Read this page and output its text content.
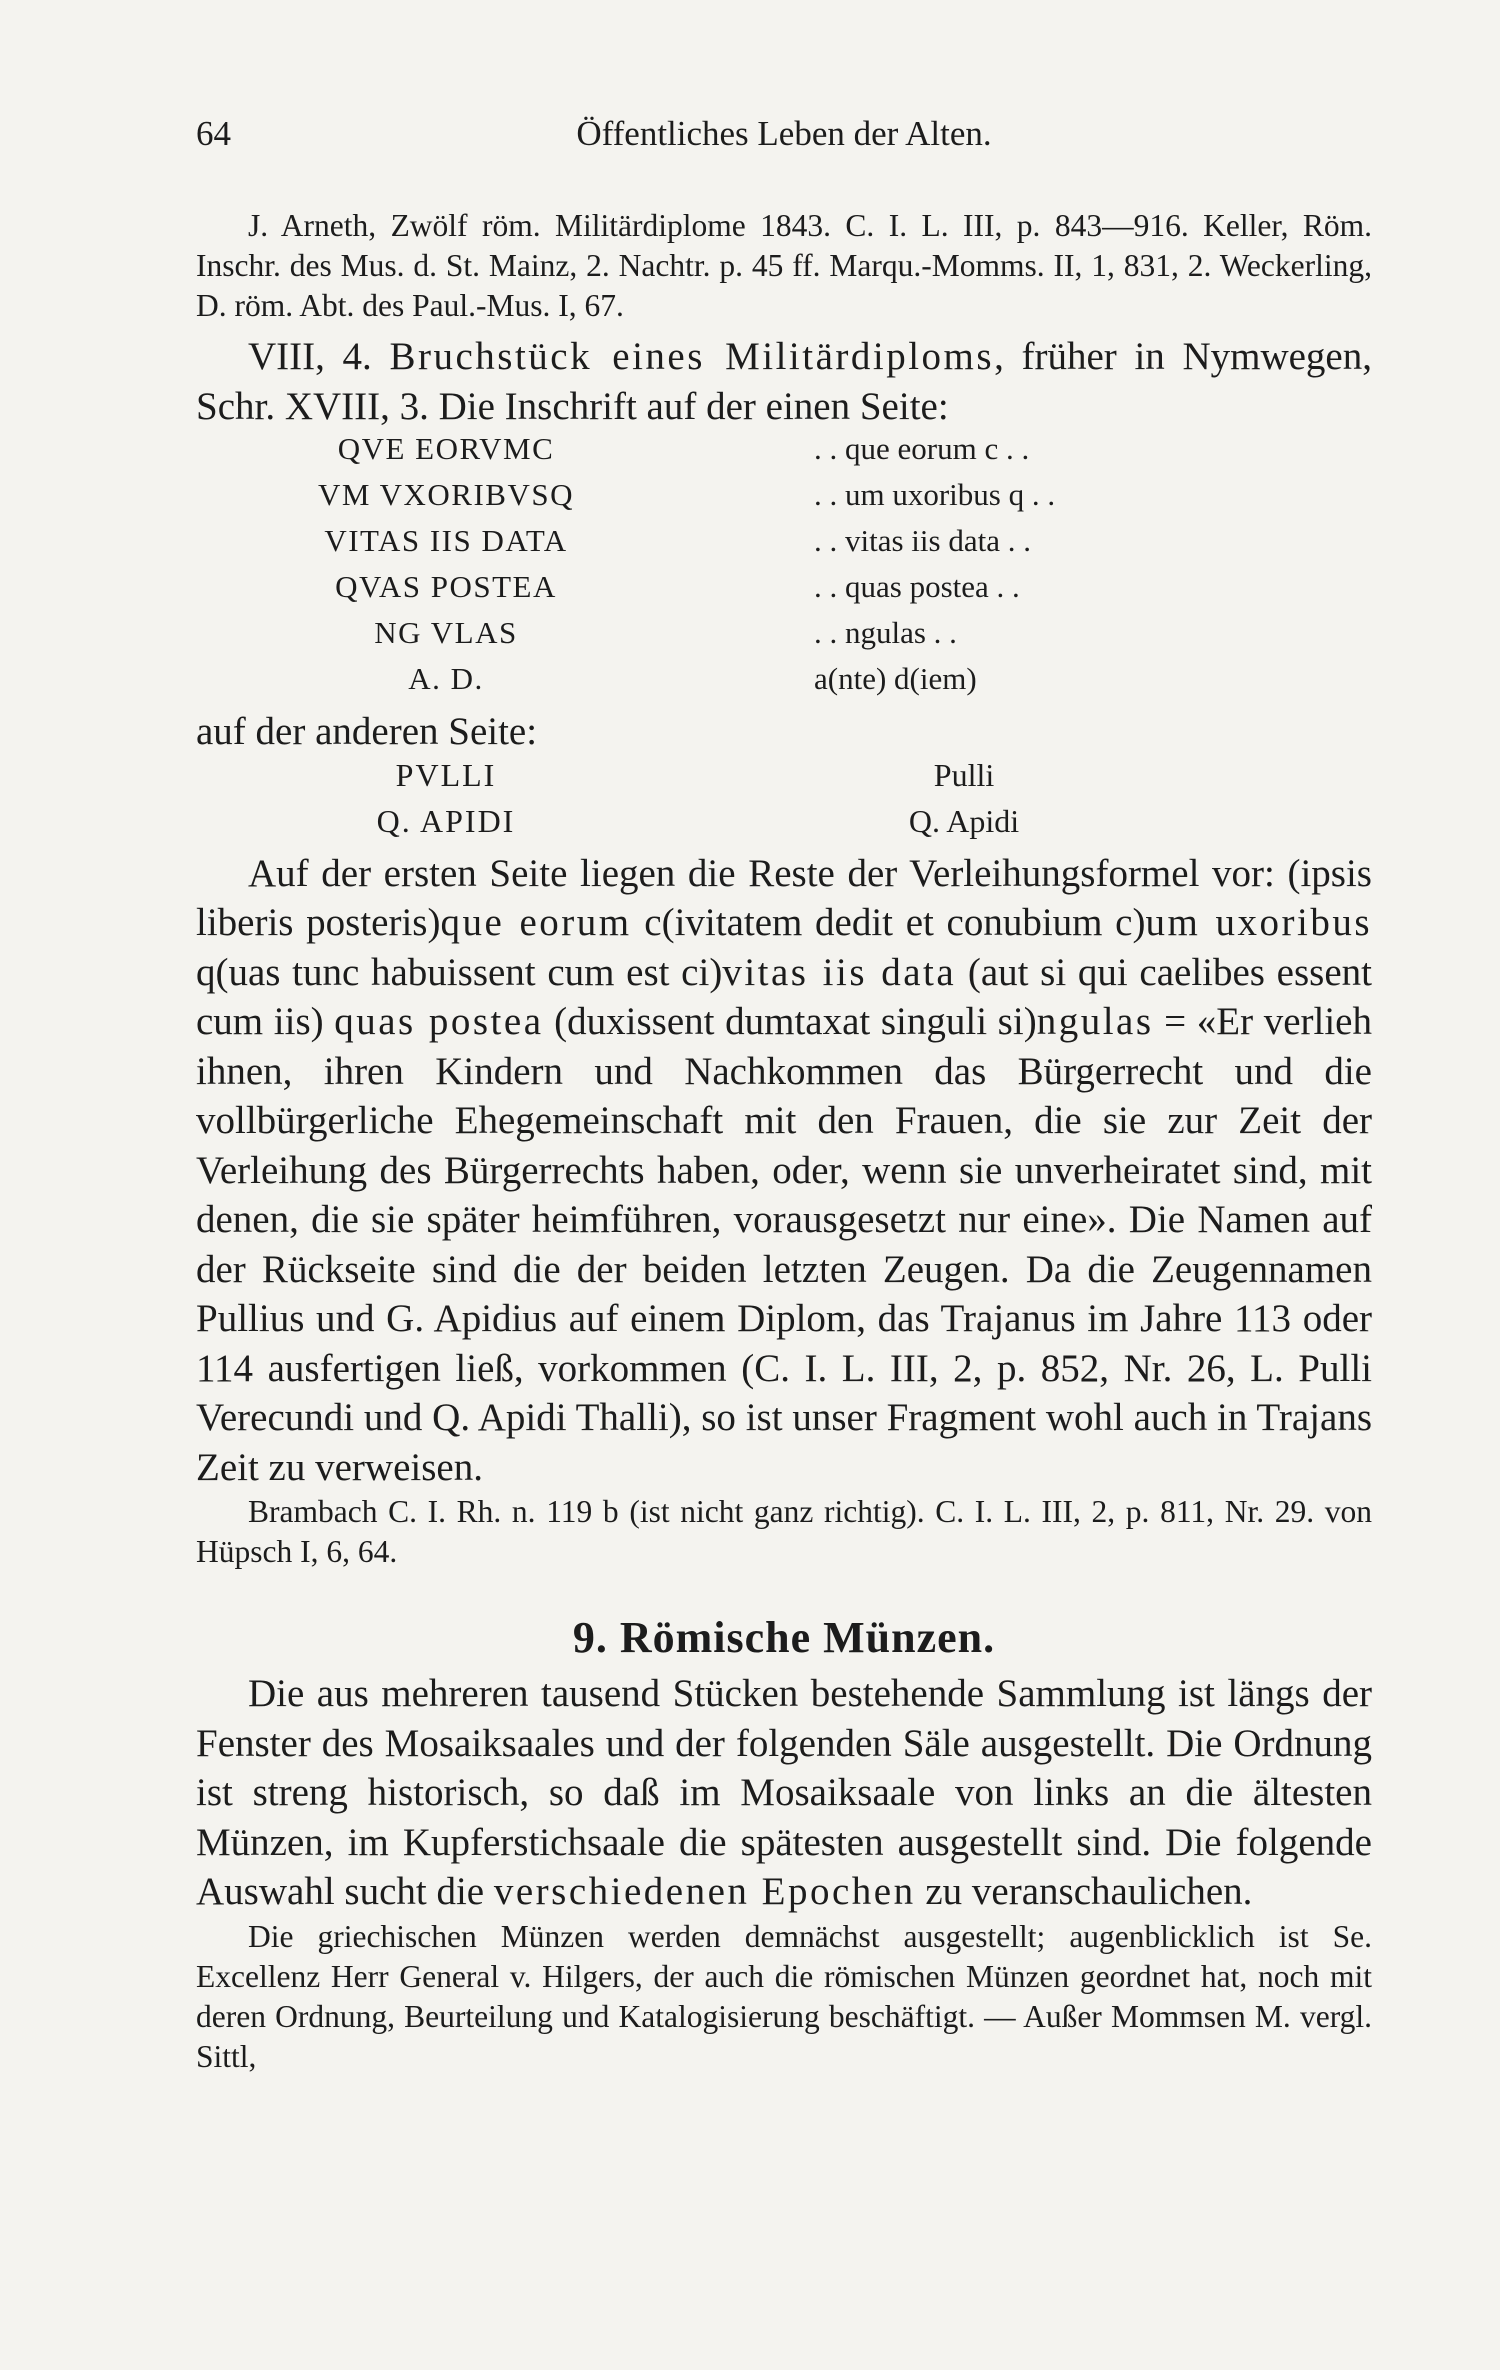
64	Öffentliches Leben der Alten.

J. Arneth, Zwölf röm. Militärdiplome 1843. C. I. L. III, p. 843—916. Keller, Röm. Inschr. des Mus. d. St. Mainz, 2. Nachtr. p. 45 ff. Marqu.-Momms. II, 1, 831, 2. Weckerling, D. röm. Abt. des Paul.-Mus. I, 67.

VIII, 4. Bruchstück eines Militärdiploms, früher in Nymwegen, Schr. XVIII, 3. Die Inschrift auf der einen Seite:

QVE EORVMC	. . que eorum c . .
VM VXORIBVSQ	. . um uxoribus q . .
VITAS IIS DATA	. . vitas iis data . .
QVAS POSTEA	. . quas postea . .
NG VLAS	. . ngulas . .
A. D.	a(nte) d(iem)

auf der anderen Seite:

PVLLI	Pulli
Q. APIDI	Q. Apidi

Auf der ersten Seite liegen die Reste der Verleihungsformel vor: (ipsis liberis posteris)que eorum c(ivitatem dedit et conubium c)um uxoribus q(uas tunc habuissent cum est ci)vitas iis data (aut si qui caelibes essent cum iis) quas postea (duxissent dumtaxat singuli si)ngulas = «Er verlieh ihnen, ihren Kindern und Nachkommen das Bürgerrecht und die vollbürgerliche Ehegemeinschaft mit den Frauen, die sie zur Zeit der Verleihung des Bürgerrechts haben, oder, wenn sie unverheiratet sind, mit denen, die sie später heimführen, vorausgesetzt nur eine». Die Namen auf der Rückseite sind die der beiden letzten Zeugen. Da die Zeugennamen Pullius und G. Apidius auf einem Diplom, das Trajanus im Jahre 113 oder 114 ausfertigen ließ, vorkommen (C. I. L. III, 2, p. 852, Nr. 26, L. Pulli Verecundi und Q. Apidi Thalli), so ist unser Fragment wohl auch in Trajans Zeit zu verweisen.

Brambach C. I. Rh. n. 119 b (ist nicht ganz richtig). C. I. L. III, 2, p. 811, Nr. 29. von Hüpsch I, 6, 64.

9. Römische Münzen.

Die aus mehreren tausend Stücken bestehende Sammlung ist längs der Fenster des Mosaiksaales und der folgenden Säle ausgestellt. Die Ordnung ist streng historisch, so daß im Mosaiksaale von links an die ältesten Münzen, im Kupferstichsaale die spätesten ausgestellt sind. Die folgende Auswahl sucht die verschiedenen Epochen zu veranschaulichen.

Die griechischen Münzen werden demnächst ausgestellt; augenblicklich ist Se. Excellenz Herr General v. Hilgers, der auch die römischen Münzen geordnet hat, noch mit deren Ordnung, Beurteilung und Katalogisierung beschäftigt. — Außer Mommsen M. vergl. Sittl,
